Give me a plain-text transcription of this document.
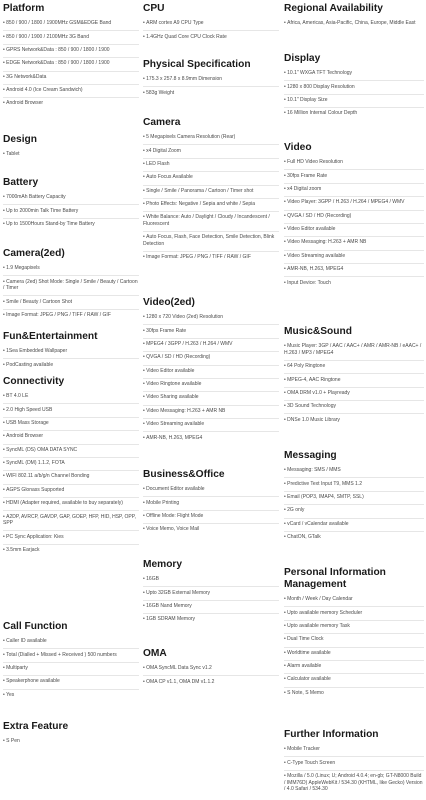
Platform
• 850 / 900 / 1800 / 1900MHz GSM&EDGE Band
• 850 / 900 / 1900 / 2100MHz 3G Band
• GPRS Network&Data : 850 / 900 / 1800 / 1900
• EDGE Network&Data : 850 / 900 / 1800 / 1900
• 3G Network&Data
• Android 4.0 (Ice Cream Sandwich)
• Android Browser
Design
• Tablet
Battery
• 7000mAh Battery Capacity
• Up to 2000min Talk Time Battery
• Up to 1500Hours Stand-by Time Battery
Camera(2ed)
• 1.9 Megapixels
• Camera (2ed) Shot Mode: Single / Smile / Beauty / Cartoon / Timer
• Smile / Beauty / Cartoon Shot
• Image Format: JPEG / PNG / TIFF / RAW / GIF
Fun&Entertainment
• 1Sea Embedded Wallpaper
• PodCasting available
Connectivity
• BT 4.0 LE
• 2.0 High Speed USB
• USB Mass Storage
• Android Browser
• SyncML (DS) OMA DATA SYNC
• SyncML (DM) 1.1.2, FOTA
• WIFI 802.11 a/b/g/n Channel Bonding
• AGPS Glonass Supported
• HDMI (Adapter required, available to buy separately)
• A2DP, AVRCP, GAVDP, GAP, GOEP, HFP, HID, HSP, OPP, SPP
• PC Sync Application: Kies
• 3.5mm Earjack
Call Function
• Caller ID available
• Total (Dialled + Missed + Received ) 500 numbers
• Multiparty
• Speakerphone available
• Yes
Extra Feature
• S Pen
CPU
• ARM cortex A9 CPU Type
• 1.4GHz Quad Core CPU Clock Rate
Physical Specification
• 175.3 x 257.8 x 8.9mm Dimension
• 583g Weight
Camera
• 5 Megapixels Camera Resolution (Rear)
• x4 Digital Zoom
• LED Flash
• Auto Focus Available
• Single / Smile / Panorama / Cartoon / Timer shot
• Photo Effects: Negative / Sepia and white / Sepia
• White Balance: Auto / Daylight / Cloudy / Incandescent / Fluorescent
• Auto Focus, Flash, Face Detection, Smile Detection, Blink Detection
• Image Format: JPEG / PNG / TIFF / RAW / GIF
Video(2ed)
• 1280 x 720 Video (2ed) Resolution
• 30fps Frame Rate
• MPEG4 / 3GPP / H.263 / H.264 / WMV
• QVGA / SD / HD (Recording)
• Video Editor available
• Video Ringtone available
• Video Sharing available
• Video Messaging: H.263 + AMR NB
• Video Streaming available
• AMR-NB, H.263, MPEG4
Business&Office
• Document Editor available
• Mobile Printing
• Offline Mode: Flight Mode
• Voice Memo, Voice Mail
Memory
• 16GB
• Upto 32GB External Memory
• 16GB Nand Memory
• 1GB SDRAM Memory
OMA
• OMA SyncML Data Sync v1.2
• OMA CP v1.1, OMA DM v1.1.2
Regional Availability
• Africa, Americas, Asia-Pacific, China, Europe, Middle East
Display
• 10.1" WXGA TFT Technology
• 1280 x 800 Display Resolution
• 10.1" Display Size
• 16 Million Internal Colour Depth
Video
• Full HD Video Resolution
• 30fps Frame Rate
• x4 Digital zoom
• Video Player: 3GPP / H.263 / H.264 / MPEG4 / WMV
• QVGA / SD / HD (Recording)
• Video Editor available
• Video Messaging: H.263 + AMR NB
• Video Streaming available
• AMR-NB, H.263, MPEG4
• Input Device: Touch
Music&Sound
• Music Player: 3GP / AAC / AAC+ / AMR / AMR-NB / eAAC+ / H.263 / MP3 / MPEG4
• 64 Poly Ringtone
• MPEG-4, AAC Ringtone
• OMA DRM v1.0 + Playready
• 3D Sound Technology
• DNSe 1.0 Music Library
Messaging
• Messaging: SMS / MMS
• Predictive Text Input T9, MMS 1.2
• Email (POP3, IMAP4, SMTP, SSL)
• 2G only
• vCard / vCalendar available
• ChatON, GTalk
Personal Information Management
• Month / Week / Day Calendar
• Upto available memory Scheduler
• Upto available memory Task
• Dual Time Clock
• Worldtime available
• Alarm available
• Calculator available
• S Note, S Memo
Further Information
• Mobile Tracker
• C-Type Touch Screen
• Mozilla / 5.0 (Linux; U; Android 4.0.4; en-gb; GT-N8000 Build / IMM76D) AppleWebKit / 534.30 (KHTML, like Gecko) Version / 4.0 Safari / 534.30
